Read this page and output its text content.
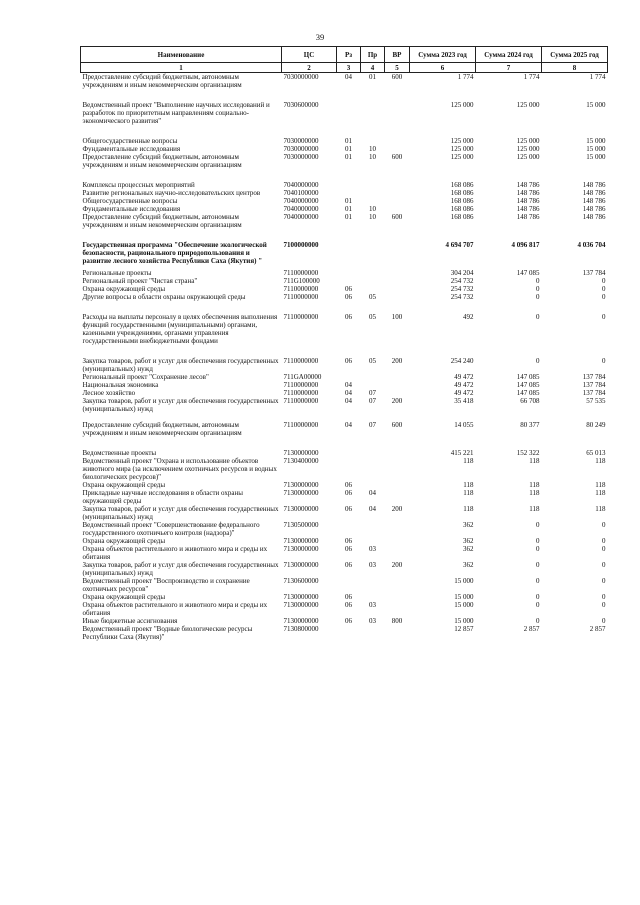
39
Наименование	ЦС	Рз	Пр	ВР	Сумма 2023 год	Сумма 2024 год	Сумма 2025 год
1	2	3	4	5	6	7	8
Предоставление субсидий бюджетным, автономным учреждениям и иным некоммерческим организациям	7030000000	04	01	600	1 774	1 774	1 774
Ведомственный проект "Выполнение научных исследований и разработок по приоритетным направлениям социально-экономического развития"	7030600000				125 000	125 000	15 000
Общегосударственные вопросы	7030000000	01			125 000	125 000	15 000
Фундаментальные исследования	7030000000	01	10		125 000	125 000	15 000
Предоставление субсидий бюджетным, автономным учреждениям и иным некоммерческим организациям	7030000000	01	10	600	125 000	125 000	15 000
Комплексы процессных мероприятий	7040000000				168 086	148 786	148 786
Развитие региональных научно-исследовательских центров	7040100000				168 086	148 786	148 786
Общегосударственные вопросы	7040000000	01			168 086	148 786	148 786
Фундаментальные исследования	7040000000	01	10		168 086	148 786	148 786
Предоставление субсидий бюджетным, автономным учреждениям и иным некоммерческим организациям	7040000000	01	10	600	168 086	148 786	148 786
Государственная программа "Обеспечение экологической безопасности, рационального природопользования и развитие лесного хозяйства Республики Саха (Якутия) "	7100000000				4 694 707	4 096 817	4 036 704
Региональные проекты	7110000000				304 204	147 085	137 784
Региональный проект "Чистая страна"	711G100000				254 732	0	0
Охрана окружающей среды	7110000000	06			254 732	0	0
Другие вопросы в области охраны окружающей среды	7110000000	06	05		254 732	0	0
Расходы на выплаты персоналу в целях обеспечения выполнения функций государственными (муниципальными) органами, казенными учреждениями, органами управления государственными внебюджетными фондами	7110000000	06	05	100	492	0	0
Закупка товаров, работ и услуг для обеспечения государственных (муниципальных) нужд	7110000000	06	05	200	254 240	0	0
Региональный проект "Сохранение лесов"	711GA00000				49 472	147 085	137 784
Национальная экономика	7110000000	04			49 472	147 085	137 784
Лесное хозяйство	7110000000	04	07		49 472	147 085	137 784
Закупка товаров, работ и услуг для обеспечения государственных (муниципальных) нужд	7110000000	04	07	200	35 418	66 708	57 535
Предоставление субсидий бюджетным, автономным учреждениям и иным некоммерческим организациям	7110000000	04	07	600	14 055	80 377	80 249
Ведомственные проекты	7130000000				415 221	152 322	65 013
Ведомственный проект "Охрана и использование объектов животного мира (за исключением охотничьих ресурсов и водных биологических ресурсов)"	7130400000				118	118	118
Охрана окружающей среды	7130000000	06			118	118	118
Прикладные научные исследования в области охраны окружающей среды	7130000000	06	04		118	118	118
Закупка товаров, работ и услуг для обеспечения государственных (муниципальных) нужд	7130000000	06	04	200	118	118	118
Ведомственный проект "Совершенствование федерального государственного охотничьего контроля (надзора)"	7130500000				362	0	0
Охрана окружающей среды	7130000000	06			362	0	0
Охрана объектов растительного и животного мира и среды их обитания	7130000000	06	03		362	0	0
Закупка товаров, работ и услуг для обеспечения государственных (муниципальных) нужд	7130000000	06	03	200	362	0	0
Ведомственный проект "Воспроизводство и сохранение охотничьих ресурсов"	7130600000				15 000	0	0
Охрана окружающей среды	7130000000	06			15 000	0	0
Охрана объектов растительного и животного мира и среды их обитания	7130000000	06	03		15 000	0	0
Иные бюджетные ассигнования	7130000000	06	03	800	15 000	0	0
Ведомственный проект "Водные биологические ресурсы Республики Саха (Якутия)"	7130800000				12 857	2 857	2 857
